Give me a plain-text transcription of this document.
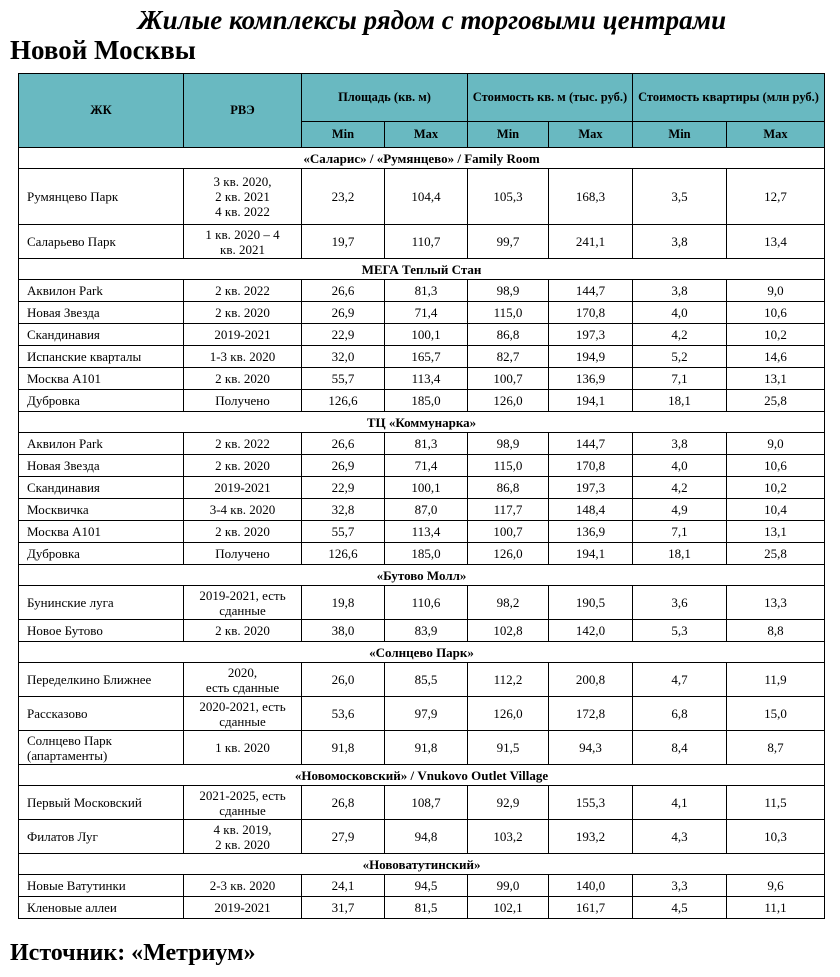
Жилые комплексы рядом с торговыми центрами
Новой Москвы
ЖК	РВЭ	Площадь (кв. м)		Стоимость кв. м (тыс. руб.)		Стоимость квартиры (млн руб.)	
		Min	Max	Min	Max	Min	Max
«Саларис» / «Румянцево» / Family Room							
Румянцево Парк	3 кв. 2020,
2 кв. 2021
4 кв. 2022	23,2	104,4	105,3	168,3	3,5	12,7
Саларьево Парк	1 кв. 2020 – 4
кв. 2021	19,7	110,7	99,7	241,1	3,8	13,4
МЕГА Теплый Стан							
Аквилон Park	2 кв. 2022	26,6	81,3	98,9	144,7	3,8	9,0
Новая Звезда	2 кв. 2020	26,9	71,4	115,0	170,8	4,0	10,6
Скандинавия	2019-2021	22,9	100,1	86,8	197,3	4,2	10,2
Испанские кварталы	1-3 кв. 2020	32,0	165,7	82,7	194,9	5,2	14,6
Москва А101	2 кв. 2020	55,7	113,4	100,7	136,9	7,1	13,1
Дубровка	Получено	126,6	185,0	126,0	194,1	18,1	25,8
ТЦ «Коммунарка»							
Аквилон Park	2 кв. 2022	26,6	81,3	98,9	144,7	3,8	9,0
Новая Звезда	2 кв. 2020	26,9	71,4	115,0	170,8	4,0	10,6
Скандинавия	2019-2021	22,9	100,1	86,8	197,3	4,2	10,2
Москвичка	3-4 кв. 2020	32,8	87,0	117,7	148,4	4,9	10,4
Москва А101	2 кв. 2020	55,7	113,4	100,7	136,9	7,1	13,1
Дубровка	Получено	126,6	185,0	126,0	194,1	18,1	25,8
«Бутово Молл»							
Бунинские луга	2019-2021, есть
сданные	19,8	110,6	98,2	190,5	3,6	13,3
Новое Бутово	2 кв. 2020	38,0	83,9	102,8	142,0	5,3	8,8
«Солнцево Парк»							
Переделкино Ближнее	2020,
есть сданные	26,0	85,5	112,2	200,8	4,7	11,9
Рассказово	2020-2021, есть
сданные	53,6	97,9	126,0	172,8	6,8	15,0
Солнцево Парк
(апартаменты)	1 кв. 2020	91,8	91,8	91,5	94,3	8,4	8,7
«Новомосковский» / Vnukovo Outlet Village							
Первый Московский	2021-2025, есть
сданные	26,8	108,7	92,9	155,3	4,1	11,5
Филатов Луг	4 кв. 2019,
2 кв. 2020	27,9	94,8	103,2	193,2	4,3	10,3
«Нововатутинский»							
Новые Ватутинки	2-3 кв. 2020	24,1	94,5	99,0	140,0	3,3	9,6
Кленовые аллеи	2019-2021	31,7	81,5	102,1	161,7	4,5	11,1
Источник: «Метриум»
